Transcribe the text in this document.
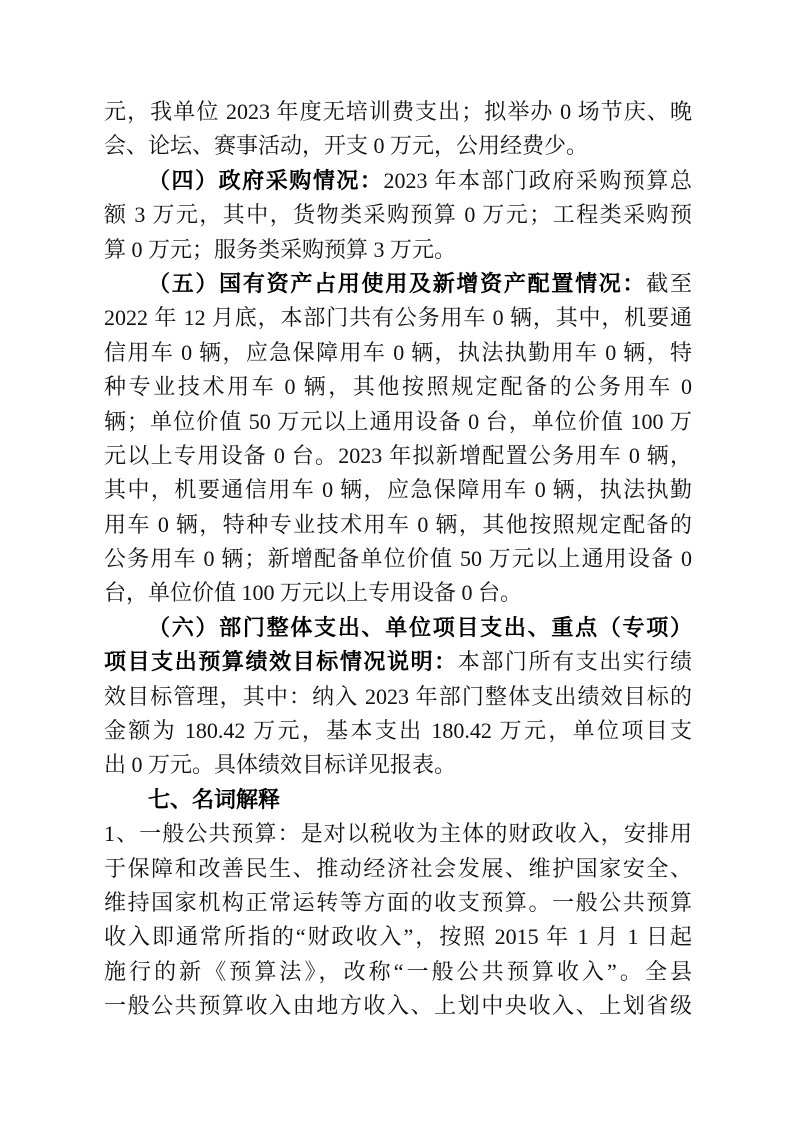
元，我单位 2023 年度无培训费支出；拟举办 0 场节庆、晚
会、论坛、赛事活动，开支 0 万元，公用经费少。
（四）政府采购情况：2023 年本部门政府采购预算总
额 3 万元，其中，货物类采购预算 0 万元；工程类采购预
算 0 万元；服务类采购预算 3 万元。
（五）国有资产占用使用及新增资产配置情况：截至
2022 年 12 月底，本部门共有公务用车 0 辆，其中，机要通
信用车 0 辆，应急保障用车 0 辆，执法执勤用车 0 辆，特
种专业技术用车 0 辆，其他按照规定配备的公务用车 0
辆；单位价值 50 万元以上通用设备 0 台，单位价值 100 万
元以上专用设备 0 台。2023 年拟新增配置公务用车 0 辆，
其中，机要通信用车 0 辆，应急保障用车 0 辆，执法执勤
用车 0 辆，特种专业技术用车 0 辆，其他按照规定配备的
公务用车 0 辆；新增配备单位价值 50 万元以上通用设备 0
台，单位价值 100 万元以上专用设备 0 台。
（六）部门整体支出、单位项目支出、重点（专项）
项目支出预算绩效目标情况说明：本部门所有支出实行绩
效目标管理，其中：纳入 2023 年部门整体支出绩效目标的
金额为 180.42 万元，基本支出 180.42 万元，单位项目支
出 0 万元。具体绩效目标详见报表。
七、名词解释
1、一般公共预算：是对以税收为主体的财政收入，安排用
于保障和改善民生、推动经济社会发展、维护国家安全、
维持国家机构正常运转等方面的收支预算。一般公共预算
收入即通常所指的“财政收入”，按照 2015 年 1 月 1 日起
施行的新《预算法》，改称“一般公共预算收入”。全县
一般公共预算收入由地方收入、上划中央收入、上划省级
